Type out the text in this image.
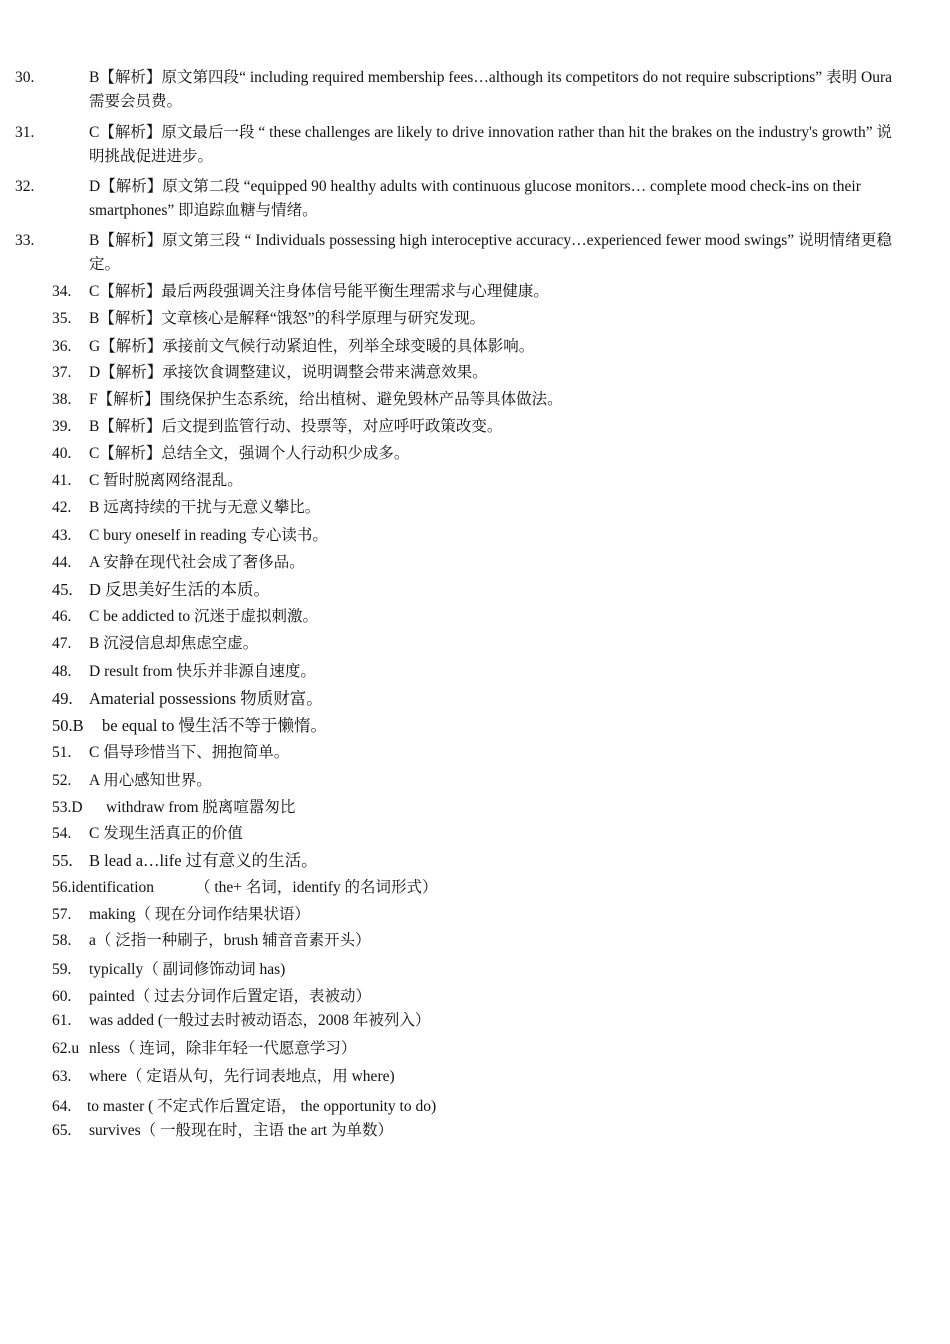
30.	B【解析】原文第四段“ including required membership fees…although its competitors do not require subscriptions” 表明 Oura 需要会员费。
31.	C【解析】原文最后一段 “ these challenges are likely to drive innovation rather than hit the brakes on the industry's growth” 说明挑战促进进步。
32.	D【解析】原文第二段 “equipped 90 healthy adults with continuous glucose monitors… complete mood check-ins on their smartphones” 即追踪血糖与情绪。
33.	B【解析】原文第三段 “ Individuals possessing high interoceptive accuracy…experienced fewer mood swings” 说明情绪更稳定。
34. C【解析】最后两段强调关注身体信号能平衡生理需求与心理健康。
35. B【解析】文章核心是解释“饿怒”的科学原理与研究发现。
36. G【解析】承接前文气候行动紧迫性，列举全球变暖的具体影响。
37. D【解析】承接饮食调整建议，说明调整会带来满意效果。
38. F【解析】围绕保护生态系统，给出植树、避免毁林产品等具体做法。
39. B【解析】后文提到监管行动、投票等，对应呼吁政策改变。
40. C【解析】总结全文，强调个人行动积少成多。
41. C 暂时脱离网络混乱。
42. B 远离持续的干扰与无意义攀比。
43. C bury oneself in reading 专心读书。
44. A 安静在现代社会成了奢侈品。
45. D 反思美好生活的本质。
46. C be addicted to 沉迷于虚拟刺激。
47. B 沉浸信息却焦虑空虚。
48. D result from 快乐并非源自速度。
49. Amaterial possessions 物质财富。
50.B be equal to 慢生活不等于懒惰。
51. C 倡导珍惜当下、拥抱简单。
52. A 用心感知世界。
53.D withdraw from 脱离喧嚣匆比
54. C 发现生活真正的价值
55. B lead a…life 过有意义的生活。
56.identification	（ the+ 名词，identify 的名词形式）
57. making（ 现在分词作结果状语）
58. a（ 泛指一种刷子，brush 辅音音素开头）
59. typically（ 副词修饰动词 has)
60. painted（ 过去分词作后置定语，表被动）
61. was added (一般过去时被动语态，2008 年被列入）
62.u nless（ 连词，除非年轻一代愿意学习）
63. where（ 定语从句，先行词表地点，用 where)
64. to master ( 不定式作后置定语， the opportunity to do)
65. survives（ 一般现在时，主语 the art 为单数）
